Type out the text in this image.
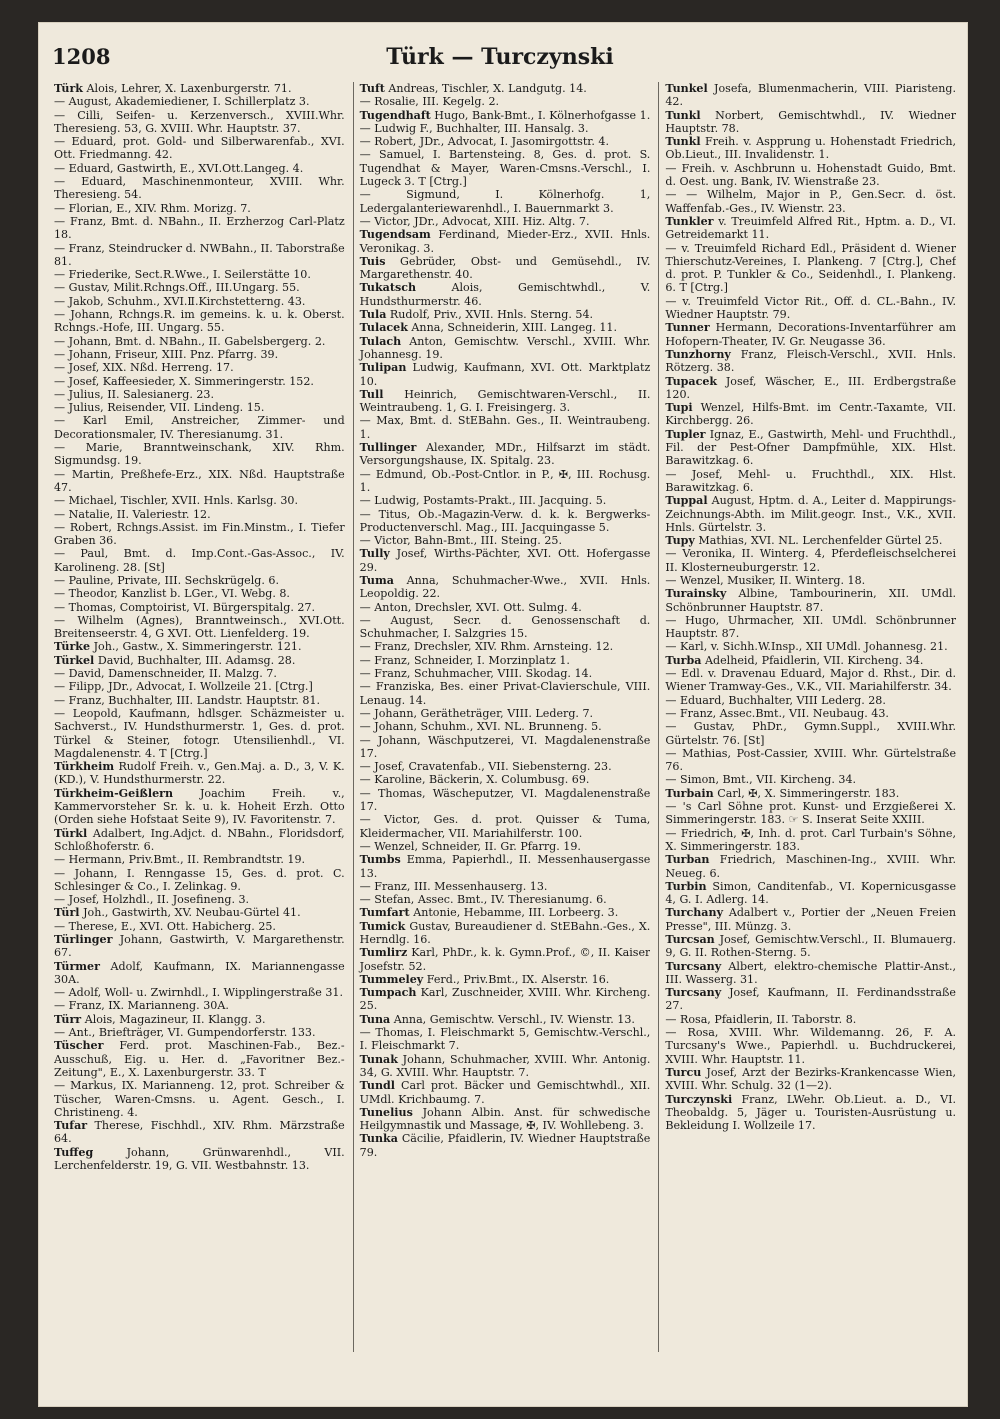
1208	Türk — Turczynski

Türk Alois, Lehrer, X. Laxenburgerstr. 71.

— August, Akademiediener, I. Schillerplatz 3.

— Cilli, Seifen- u. Kerzenversch., XVIII.Whr. Theresieng. 53, G. XVIII. Whr. Hauptstr. 37.

— Eduard, prot. Gold- und Silberwarenfab., XVI. Ott. Friedmanng. 42.

— Eduard, Gastwirth, E., XVI.Ott.Langeg. 4.

— Eduard, Maschinenmonteur, XVIII. Whr. Theresieng. 54.

— Florian, E., XIV. Rhm. Morizg. 7.

— Franz, Bmt. d. NBahn., II. Erzherzog Carl-Platz 18.

— Franz, Steindrucker d. NWBahn., II. Taborstraße 81.

— Friederike, Sect.R.Wwe., I. Seilerstätte 10.

— Gustav, Milit.Rchngs.Off., III.Ungarg. 55.

— Jakob, Schuhm., XVI.Ⅱ.Kirchstetterng. 43.

— Johann, Rchngs.R. im gemeins. k. u. k. Oberst. Rchngs.-Hofe, III. Ungarg. 55.

— Johann, Bmt. d. NBahn., II. Gabelsbergerg. 2.

— Johann, Friseur, XIII. Pnz. Pfarrg. 39.

— Josef, XIX. Nßd. Herreng. 17.

— Josef, Kaffeesieder, X. Simmeringerstr. 152.

— Julius, II. Salesianerg. 23.

— Julius, Reisender, VII. Lindeng. 15.

— Karl Emil, Anstreicher, Zimmer- und Decorationsmaler, IV. Theresianumg. 31.

— Marie, Branntweinschank, XIV. Rhm. Sigmundsg. 19.

— Martin, Preßhefe-Erz., XIX. Nßd. Hauptstraße 47.

— Michael, Tischler, XVII. Hnls. Karlsg. 30.

— Natalie, II. Valeriestr. 12.

— Robert, Rchngs.Assist. im Fin.Minstm., I. Tiefer Graben 36.

— Paul, Bmt. d. Imp.Cont.-Gas-Assoc., IV. Karolineng. 28. [St]

— Pauline, Private, III. Sechskrügelg. 6.

— Theodor, Kanzlist b. LGer., VI. Webg. 8.

— Thomas, Comptoirist, VI. Bürgerspitalg. 27.

— Wilhelm (Agnes), Branntweinsch., XVI.Ott. Breitenseerstr. 4, G XVI. Ott. Lienfelderg. 19.

Türke Joh., Gastw., X. Simmeringerstr. 121.

Türkel David, Buchhalter, III. Adamsg. 28.

— David, Damenschneider, II. Malzg. 7.

— Filipp, JDr., Advocat, I. Wollzeile 21. [Ctrg.]

— Franz, Buchhalter, III. Landstr. Hauptstr. 81.

— Leopold, Kaufmann, hdlsger. Schäzmeister u. Sachverst., IV. Hundsthurmerstr. 1, Ges. d. prot. Türkel & Steiner, fotogr. Utensilienhdl., VI. Magdalenenstr. 4. T [Ctrg.]

Türkheim Rudolf Freih. v., Gen.Maj. a. D., 3, V. K. (KD.), V. Hundsthurmerstr. 22.

Türkheim-Geißlern Joachim Freih. v., Kammervorsteher Sr. k. u. k. Hoheit Erzh. Otto (Orden siehe Hofstaat Seite 9), IV. Favoritenstr. 7.

Türkl Adalbert, Ing.Adjct. d. NBahn., Floridsdorf, Schloßhoferstr. 6.

— Hermann, Priv.Bmt., II. Rembrandtstr. 19.

— Johann, I. Renngasse 15, Ges. d. prot. C. Schlesinger & Co., I. Zelinkag. 9.

— Josef, Holzhdl., II. Josefineng. 3.

Türl Joh., Gastwirth, XV. Neubau-Gürtel 41.

— Therese, E., XVI. Ott. Habicherg. 25.

Türlinger Johann, Gastwirth, V. Margarethenstr. 67.

Türmer Adolf, Kaufmann, IX. Mariannengasse 30A.

— Adolf, Woll- u. Zwirnhdl., I. Wipplingerstraße 31.

— Franz, IX. Marianneng. 30A.

Türr Alois, Magazineur, II. Klangg. 3.

— Ant., Briefträger, VI. Gumpendorferstr. 133.

Tüscher Ferd. prot. Maschinen-Fab., Bez.-Ausschuß, Eig. u. Her. d. „Favoritner Bez.-Zeitung", E., X. Laxenburgerstr. 33. T

— Markus, IX. Marianneng. 12, prot. Schreiber & Tüscher, Waren-Cmsns. u. Agent. Gesch., I. Christineng. 4.

Tufar Therese, Fischhdl., XIV. Rhm. Märzstraße 64.

Tuffeg	Johann, Grünwarenhdl., VII. Lerchenfelderstr. 19, G. VII. Westbahnstr. 13.

Tuft Andreas, Tischler, X. Landgutg. 14.

— Rosalie, III. Kegelg. 2.

Tugendhaft Hugo, Bank-Bmt., I. Kölnerhofgasse 1.

— Ludwig F., Buchhalter, III. Hansalg. 3.

— Robert, JDr., Advocat, I. Jasomirgottstr. 4.

— Samuel, I. Bartensteing. 8, Ges. d. prot. S. Tugendhat & Mayer, Waren-Cmsns.-Verschl., I. Lugeck 3. T [Ctrg.]

— Sigmund, I. Kölnerhofg. 1, Ledergalanteriewarenhdl., I. Bauernmarkt 3.

— Victor, JDr., Advocat, XIII. Hiz. Altg. 7.

Tugendsam Ferdinand, Mieder-Erz., XVII. Hnls. Veronikag. 3.

Tuis Gebrüder, Obst- und Gemüsehdl., IV. Margarethenstr. 40.

Tukatsch	Alois, Gemischtwhdl., V. Hundsthurmerstr. 46.

Tula Rudolf, Priv., XVII. Hnls. Sterng. 54.

Tulacek Anna, Schneiderin, XIII. Langeg. 11.

Tulach Anton, Gemischtw. Verschl., XVIII. Whr. Johannesg. 19.

Tulipan Ludwig, Kaufmann, XVI. Ott. Marktplatz 10.

Tull Heinrich, Gemischtwaren-Verschl., II. Weintraubeng. 1, G. I. Freisingerg. 3.

— Max, Bmt. d. StEBahn. Ges., II. Weintraubeng. 1.

Tullinger Alexander, MDr., Hilfsarzt im städt. Versorgungshause, IX. Spitalg. 23.

— Edmund, Ob.-Post-Cntlor. in P., ✠, III. Rochusg. 1.

— Ludwig, Postamts-Prakt., III. Jacquing. 5.

— Titus, Ob.-Magazin-Verw. d. k. k. Bergwerks-Productenverschl. Mag., III. Jacquingasse 5.

— Victor, Bahn-Bmt., III. Steing. 25.

Tully Josef, Wirths-Pächter, XVI. Ott. Hofergasse 29.

Tuma Anna, Schuhmacher-Wwe., XVII. Hnls. Leopoldig. 22.

— Anton, Drechsler, XVI. Ott. Sulmg. 4.

— August, Secr. d. Genossenschaft d. Schuhmacher, I. Salzgries 15.

— Franz, Drechsler, XIV. Rhm. Arnsteing. 12.

— Franz, Schneider, I. Morzinplatz 1.

— Franz, Schuhmacher, VIII. Skodag. 14.

— Franziska, Bes. einer Privat-Clavierschule, VIII. Lenaug. 14.

— Johann, Gerätheträger, VIII. Lederg. 7.

— Johann, Schuhm., XVI. NL. Brunneng. 5.

— Johann, Wäschputzerei, VI. Magdalenenstraße 17.

— Josef, Cravatenfab., VII. Siebensterng. 23.

— Karoline, Bäckerin, X. Columbusg. 69.

— Thomas, Wäscheputzer, VI. Magdalenenstraße 17.

— Victor, Ges. d. prot. Quisser & Tuma, Kleidermacher, VII. Mariahilferstr. 100.

— Wenzel, Schneider, II. Gr. Pfarrg. 19.

Tumbs Emma, Papierhdl., II. Messenhausergasse 13.

— Franz, III. Messenhauserg. 13.

— Stefan, Assec. Bmt., IV. Theresianumg. 6.

Tumfart Antonie, Hebamme, III. Lorbeerg. 3.

Tumick Gustav, Bureaudiener d. StEBahn.-Ges., X. Herndlg. 16.

Tumlirz Karl, PhDr., k. k. Gymn.Prof., ©, II. Kaiser Josefstr. 52.

Tummeley Ferd., Priv.Bmt., IX. Alserstr. 16.

Tumpach Karl, Zuschneider, XVIII. Whr. Kircheng. 25.

Tuna Anna, Gemischtw. Verschl., IV. Wienstr. 13.

— Thomas, I. Fleischmarkt 5, Gemischtw.-Verschl., I. Fleischmarkt 7.

Tunak Johann, Schuhmacher, XVIII. Whr. Antonig. 34, G. XVIII. Whr. Hauptstr. 7.

Tundl Carl prot. Bäcker und Gemischtwhdl., XII. UMdl. Krichbaumg. 7.

Tunelius Johann Albin. Anst. für schwedische Heilgymnastik und Massage, ✠, IV. Wohllebeng. 3.

Tunka Cäcilie, Pfaidlerin, IV. Wiedner Hauptstraße 79.

Tunkel Josefa, Blumenmacherin, VIII. Piaristeng. 42.

Tunkl Norbert, Gemischtwhdl., IV. Wiedner Hauptstr. 78.

Tunkl Freih. v. Aspprung u. Hohenstadt Friedrich, Ob.Lieut., III. Invalidenstr. 1.

— Freih. v. Aschbrunn u. Hohenstadt Guido, Bmt. d. Oest. ung. Bank, IV. Wienstraße 23.

— — Wilhelm, Major in P., Gen.Secr. d. öst. Waffenfab.-Ges., IV. Wienstr. 23.

Tunkler v. Treuimfeld Alfred Rit., Hptm. a. D., VI. Getreidemarkt 11.

— v. Treuimfeld Richard Edl., Präsident d. Wiener Thierschutz-Vereines, I. Plankeng. 7 [Ctrg.], Chef d. prot. P. Tunkler & Co., Seidenhdl., I. Plankeng. 6. T [Ctrg.]

— v. Treuimfeld Victor Rit., Off. d. CL.-Bahn., IV. Wiedner Hauptstr. 79.

Tunner Hermann, Decorations-Inventarführer am Hofopern-Theater, IV. Gr. Neugasse 36.

Tunzhorny Franz, Fleisch-Verschl., XVII. Hnls. Rötzerg. 38.

Tupacek Josef, Wäscher, E., III. Erdbergstraße 120.

Tupi Wenzel, Hilfs-Bmt. im Centr.-Taxamte, VII. Kirchbergg. 26.

Tupler Ignaz, E., Gastwirth, Mehl- und Fruchthdl., Fil. der Pest-Ofner Dampfmühle, XIX. Hlst. Barawitzkag. 6.

— Josef, Mehl- u. Fruchthdl., XIX. Hlst. Barawitzkag. 6.

Tuppal August, Hptm. d. A., Leiter d. Mappirungs-Zeichnungs-Abth. im Milit.geogr. Inst., V.K., XVII. Hnls. Gürtelstr. 3.

Tupy Mathias, XVI. NL. Lerchenfelder Gürtel 25.

— Veronika, II. Winterg. 4, Pferdefleischselcherei II. Klosterneuburgerstr. 12.

— Wenzel, Musiker, II. Winterg. 18.

Turainsky Albine, Tambourinerin, XII. UMdl. Schönbrunner Hauptstr. 87.

— Hugo, Uhrmacher, XII. UMdl. Schönbrunner Hauptstr. 87.

— Karl, v. Sichh.W.Insp., XII UMdl. Johannesg. 21.

Turba Adelheid, Pfaidlerin, VII. Kircheng. 34.

— Edl. v. Dravenau Eduard, Major d. Rhst., Dir. d. Wiener Tramway-Ges., V.K., VII. Mariahilferstr. 34.

— Eduard, Buchhalter, VIII Lederg. 28.

— Franz, Assec.Bmt., VII. Neubaug. 43.

— Gustav, PhDr., Gymn.Suppl., XVIII.Whr. Gürtelstr. 76. [St]

— Mathias, Post-Cassier, XVIII. Whr. Gürtelstraße 76.

— Simon, Bmt., VII. Kircheng. 34.

Turbain Carl, ✠, X. Simmeringerstr. 183.

— 's Carl Söhne prot. Kunst- und Erzgießerei X. Simmeringerstr. 183. ☞ S. Inserat Seite XXIII.

— Friedrich, ✠, Inh. d. prot. Carl Turbain's Söhne, X. Simmeringerstr. 183.

Turban Friedrich, Maschinen-Ing., XVIII. Whr. Neueg. 6.

Turbin Simon, Canditenfab., VI. Kopernicusgasse 4, G. I. Adlerg. 14.

Turchany Adalbert v., Portier der „Neuen Freien Presse", III. Münzg. 3.

Turcsan Josef, Gemischtw.Verschl., II. Blumauerg. 9, G. II. Rothen-Sterng. 5.

Turcsany Albert, elektro-chemische Plattir-Anst., III. Wasserg. 31.

Turcsany Josef, Kaufmann, II. Ferdinandsstraße 27.

— Rosa, Pfaidlerin, II. Taborstr. 8.

— Rosa, XVIII. Whr. Wildemanng. 26, F. A. Turcsany's Wwe., Papierhdl. u. Buchdruckerei, XVIII. Whr. Hauptstr. 11.

Turcu Josef, Arzt der Bezirks-Krankencasse Wien, XVIII. Whr. Schulg. 32 (1—2).

Turczynski Franz, LWehr. Ob.Lieut. a. D., VI. Theobaldg. 5, Jäger u. Touristen-Ausrüstung u. Bekleidung I. Wollzeile 17.
